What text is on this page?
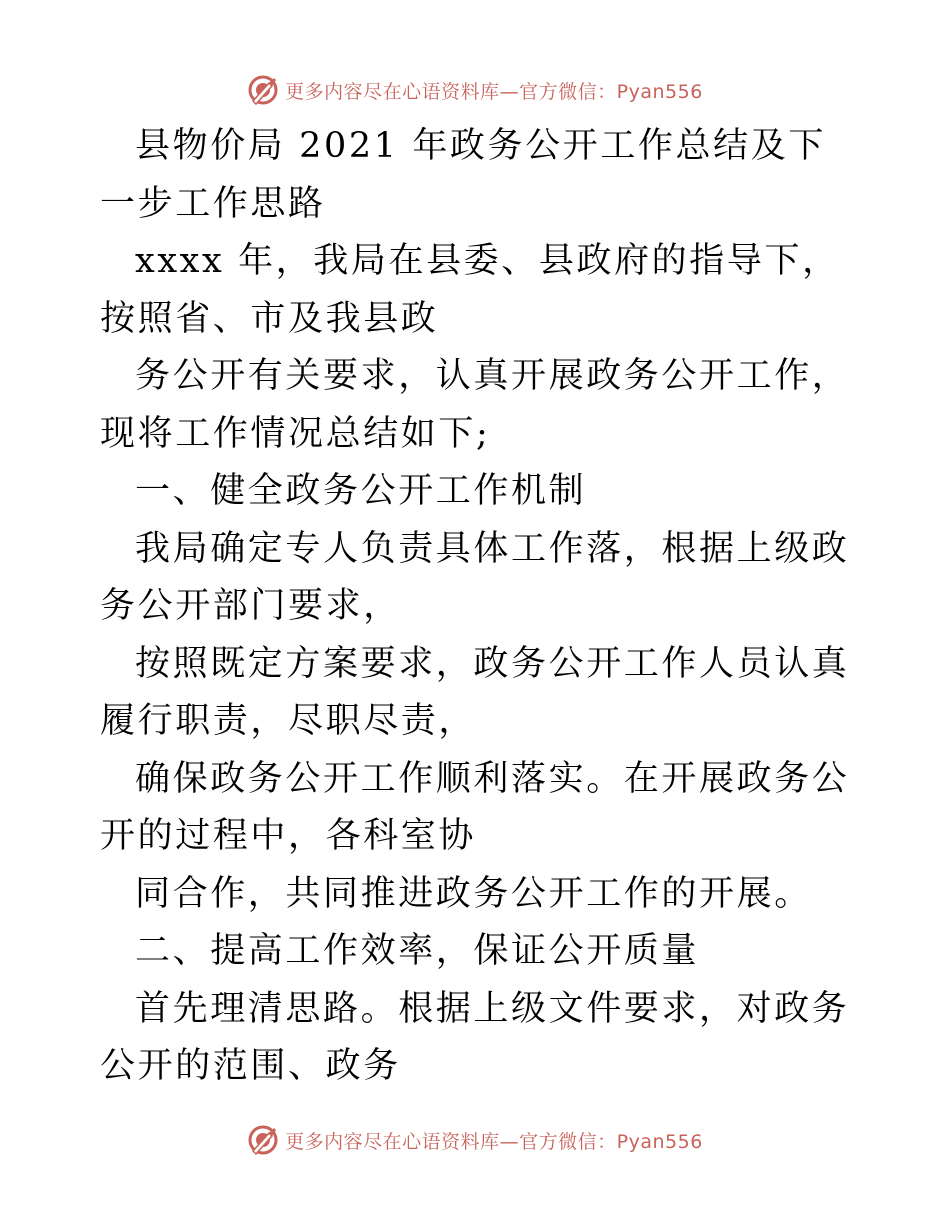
更多内容尽在心语资料库—官方微信：Pyan556

县物价局 2021 年政务公开工作总结及下一步工作思路

xxxx 年，我局在县委、县政府的指导下，按照省、市及我县政

务公开有关要求，认真开展政务公开工作，现将工作情况总结如下;

一、健全政务公开工作机制

我局确定专人负责具体工作落，根据上级政务公开部门要求，

按照既定方案要求，政务公开工作人员认真履行职责，尽职尽责，

确保政务公开工作顺利落实。在开展政务公开的过程中，各科室协

同合作，共同推进政务公开工作的开展。

二、提高工作效率，保证公开质量

首先理清思路。根据上级文件要求，对政务公开的范围、政务

更多内容尽在心语资料库—官方微信：Pyan556
